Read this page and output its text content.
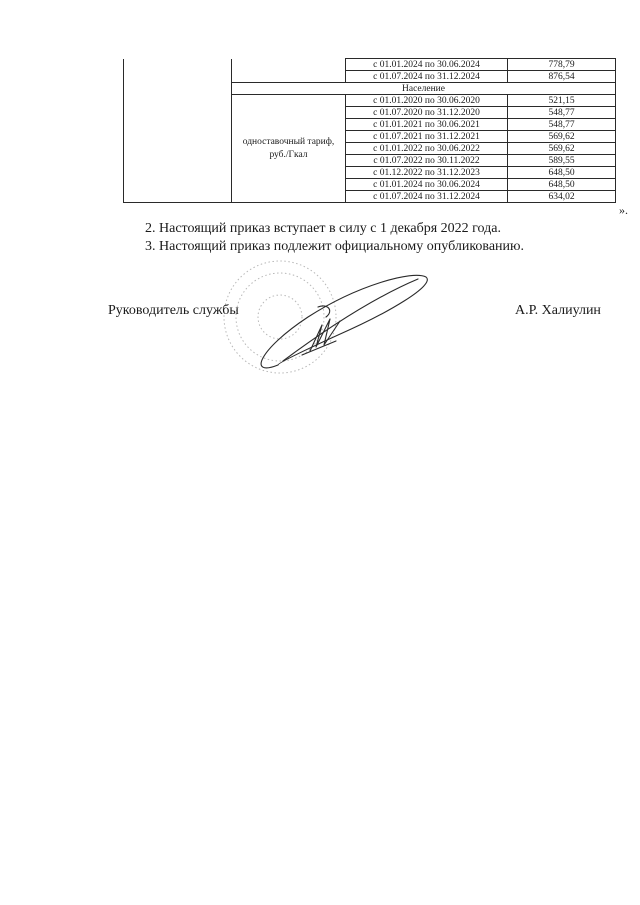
		с 01.01.2024 по 30.06.2024	778,79
		с 01.07.2024 по 31.12.2024	876,54
	Население		
	одноставочный тариф, руб./Гкал	с 01.01.2020 по 30.06.2020	521,15
		с 01.07.2020 по 31.12.2020	548,77
		с 01.01.2021 по 30.06.2021	548,77
		с 01.07.2021 по 31.12.2021	569,62
		с 01.01.2022 по 30.06.2022	569,62
		с 01.07.2022 по 30.11.2022	589,55
		с 01.12.2022 по 31.12.2023	648,50
		с 01.01.2024 по 30.06.2024	648,50
		с 01.07.2024 по 31.12.2024	634,02
».
2. Настоящий приказ вступает в силу с 1 декабря 2022 года.
3. Настоящий приказ подлежит официальному опубликованию.
Руководитель службы	А.Р. Халиулин
